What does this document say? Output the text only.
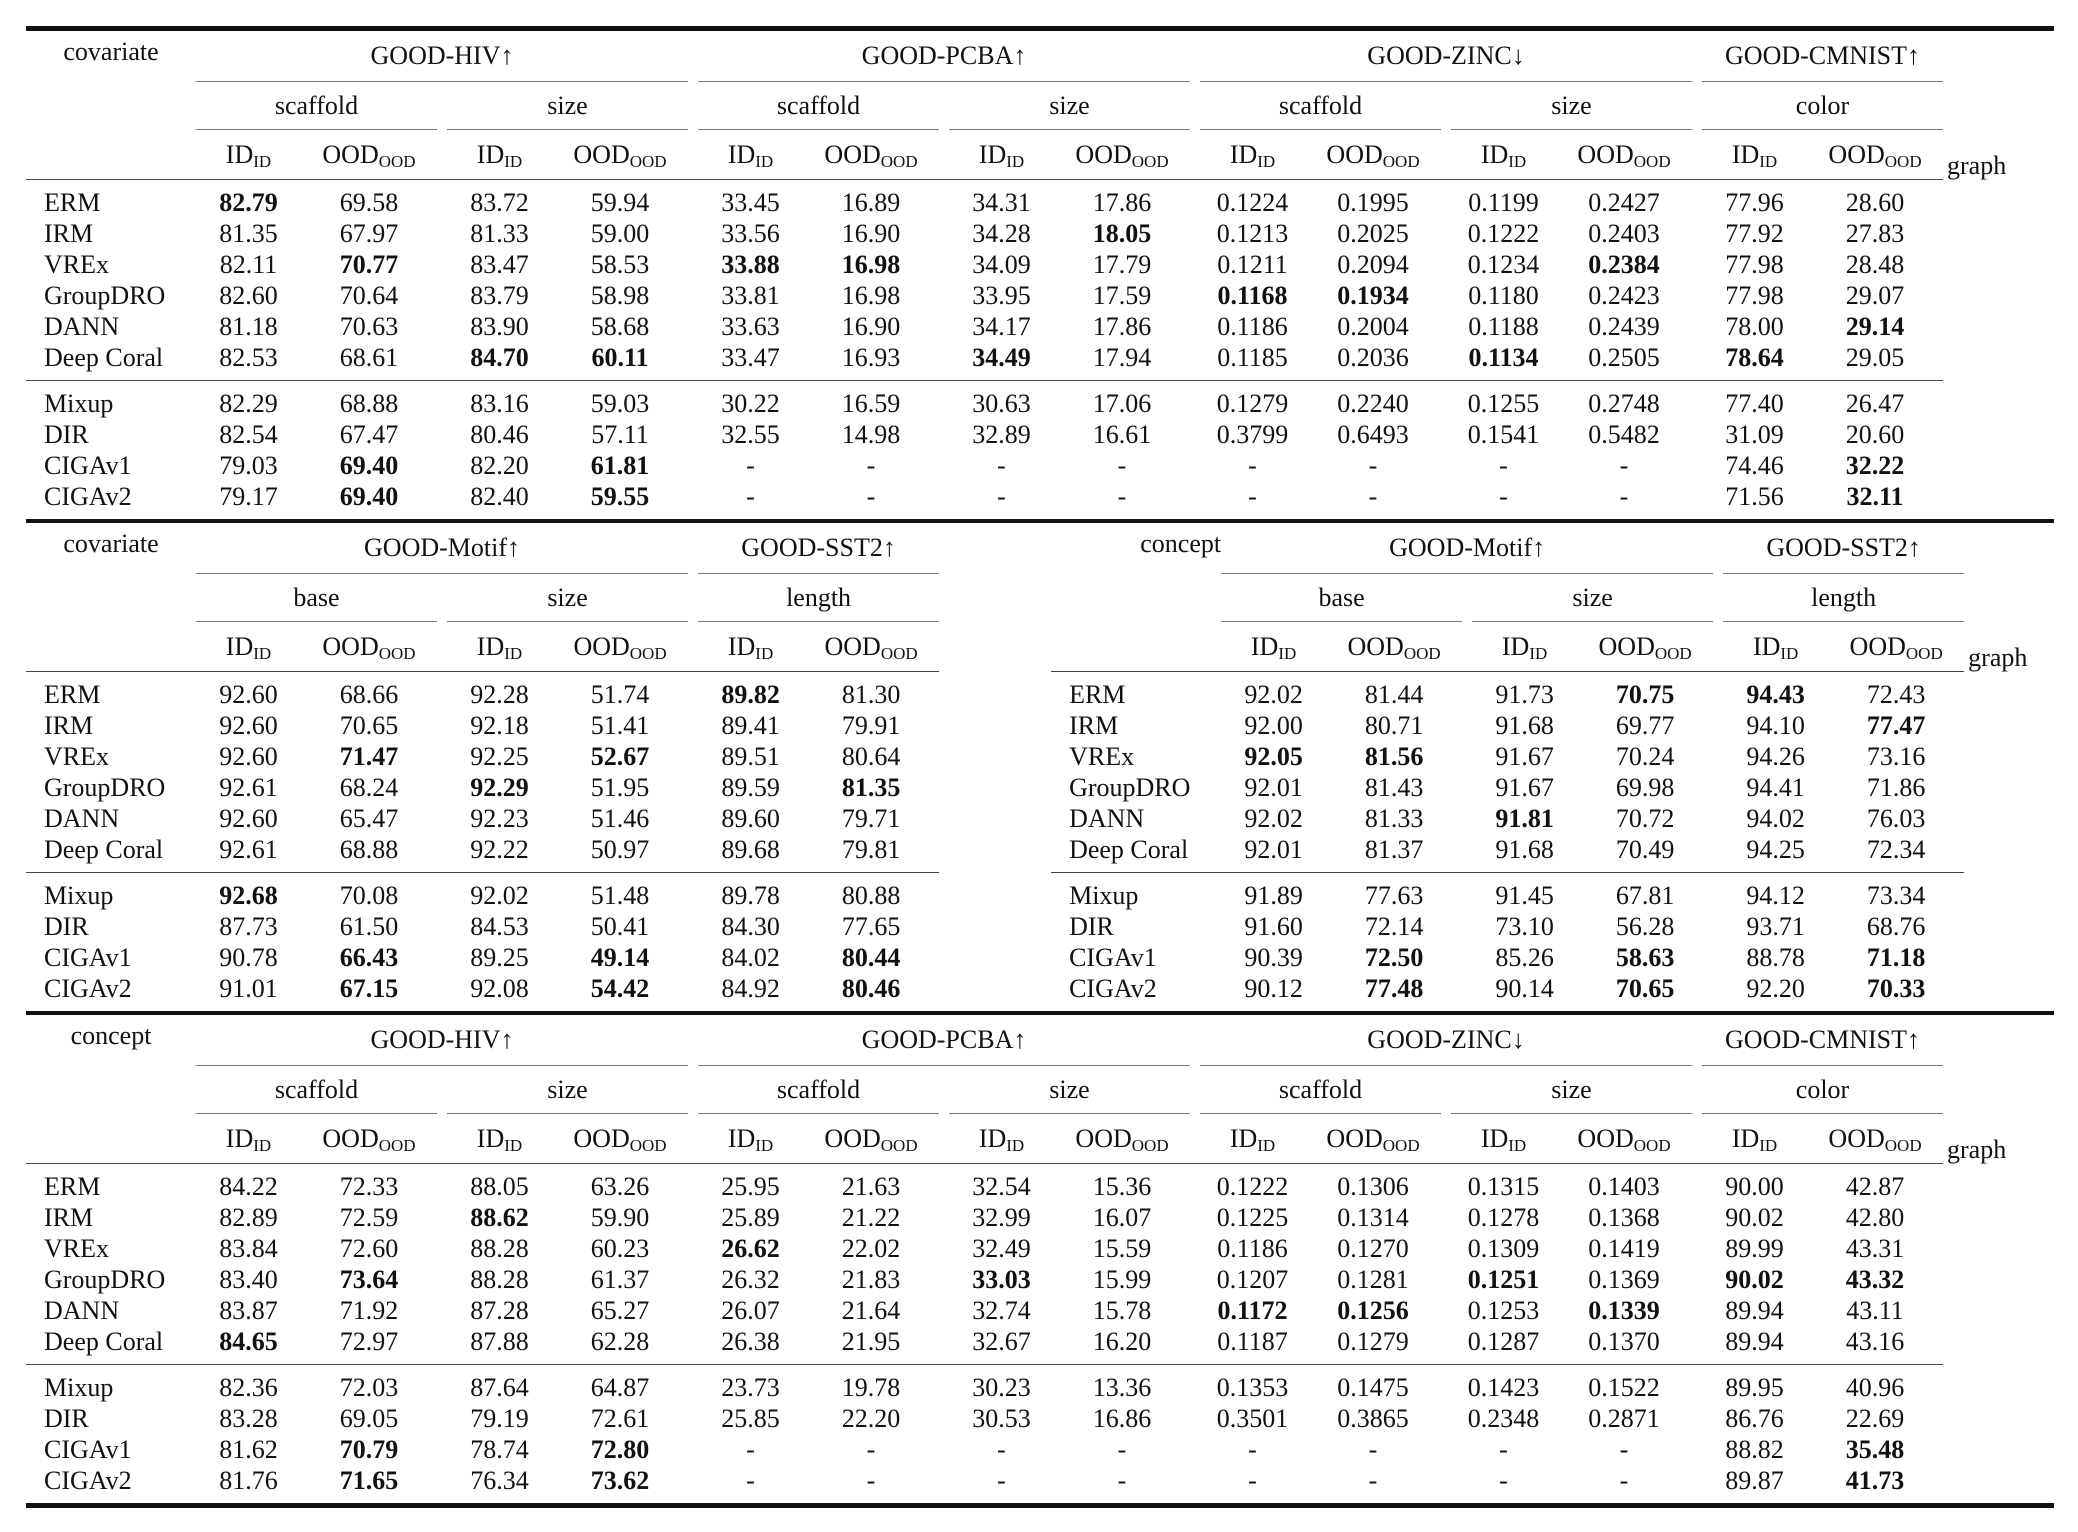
covariate	GOOD-HIV↑						GOOD-PCBA↑						GOOD-ZINC↓						GOOD-CMNIST↑		graph
	scaffold			size			scaffold			size			scaffold			size			color		
	$ID_{ID}$	$OOD_{OOD}$		$ID_{ID}$	$OOD_{OOD}$		$ID_{ID}$	$OOD_{OOD}$		$ID_{ID}$	$OOD_{OOD}$		$ID_{ID}$	$OOD_{OOD}$		$ID_{ID}$	$OOD_{OOD}$		$ID_{ID}$	$OOD_{OOD}$
ERM	82.79	69.58		83.72	59.94		33.45	16.89		34.31	17.86		0.1224	0.1995		0.1199	0.2427		77.96	28.60	
IRM	81.35	67.97		81.33	59.00		33.56	16.90		34.28	18.05		0.1213	0.2025		0.1222	0.2403		77.92	27.83	
VREx	82.11	70.77		83.47	58.53		33.88	16.98		34.09	17.79		0.1211	0.2094		0.1234	0.2384		77.98	28.48	
GroupDRO	82.60	70.64		83.79	58.98		33.81	16.98		33.95	17.59		0.1168	0.1934		0.1180	0.2423		77.98	29.07	
DANN	81.18	70.63		83.90	58.68		33.63	16.90		34.17	17.86		0.1186	0.2004		0.1188	0.2439		78.00	29.14	
Deep Coral	82.53	68.61		84.70	60.11		33.47	16.93		34.49	17.94		0.1185	0.2036		0.1134	0.2505		78.64	29.05	
Mixup	82.29	68.88		83.16	59.03		30.22	16.59		30.63	17.06		0.1279	0.2240		0.1255	0.2748		77.40	26.47	
DIR	82.54	67.47		80.46	57.11		32.55	14.98		32.89	16.61		0.3799	0.6493		0.1541	0.5482		31.09	20.60	
CIGAv1	79.03	69.40		82.20	61.81		-	-		-	-		-	-		-	-		74.46	32.22	
CIGAv2	79.17	69.40		82.40	59.55		-	-		-	-		-	-		-	-		71.56	32.11	
covariate	GOOD-Motif↑						GOOD-SST2↑			concept	GOOD-Motif↑						GOOD-SST2↑		graph
	base			size			length				base			size			length		
	$ID_{ID}$	$OOD_{OOD}$		$ID_{ID}$	$OOD_{OOD}$		$ID_{ID}$	$OOD_{OOD}$			$ID_{ID}$	$OOD_{OOD}$		$ID_{ID}$	$OOD_{OOD}$		$ID_{ID}$	$OOD_{OOD}$
ERM	92.60	68.66		92.28	51.74		89.82	81.30		ERM	92.02	81.44		91.73	70.75		94.43	72.43	
IRM	92.60	70.65		92.18	51.41		89.41	79.91		IRM	92.00	80.71		91.68	69.77		94.10	77.47	
VREx	92.60	71.47		92.25	52.67		89.51	80.64		VREx	92.05	81.56		91.67	70.24		94.26	73.16	
GroupDRO	92.61	68.24		92.29	51.95		89.59	81.35		GroupDRO	92.01	81.43		91.67	69.98		94.41	71.86	
DANN	92.60	65.47		92.23	51.46		89.60	79.71		DANN	92.02	81.33		91.81	70.72		94.02	76.03	
Deep Coral	92.61	68.88		92.22	50.97		89.68	79.81		Deep Coral	92.01	81.37		91.68	70.49		94.25	72.34	
Mixup	92.68	70.08		92.02	51.48		89.78	80.88		Mixup	91.89	77.63		91.45	67.81		94.12	73.34	
DIR	87.73	61.50		84.53	50.41		84.30	77.65		DIR	91.60	72.14		73.10	56.28		93.71	68.76	
CIGAv1	90.78	66.43		89.25	49.14		84.02	80.44		CIGAv1	90.39	72.50		85.26	58.63		88.78	71.18	
CIGAv2	91.01	67.15		92.08	54.42		84.92	80.46		CIGAv2	90.12	77.48		90.14	70.65		92.20	70.33	
concept	GOOD-HIV↑						GOOD-PCBA↑						GOOD-ZINC↓						GOOD-CMNIST↑		graph
	scaffold			size			scaffold			size			scaffold			size			color		
	$ID_{ID}$	$OOD_{OOD}$		$ID_{ID}$	$OOD_{OOD}$		$ID_{ID}$	$OOD_{OOD}$		$ID_{ID}$	$OOD_{OOD}$		$ID_{ID}$	$OOD_{OOD}$		$ID_{ID}$	$OOD_{OOD}$		$ID_{ID}$	$OOD_{OOD}$
ERM	84.22	72.33		88.05	63.26		25.95	21.63		32.54	15.36		0.1222	0.1306		0.1315	0.1403		90.00	42.87	
IRM	82.89	72.59		88.62	59.90		25.89	21.22		32.99	16.07		0.1225	0.1314		0.1278	0.1368		90.02	42.80	
VREx	83.84	72.60		88.28	60.23		26.62	22.02		32.49	15.59		0.1186	0.1270		0.1309	0.1419		89.99	43.31	
GroupDRO	83.40	73.64		88.28	61.37		26.32	21.83		33.03	15.99		0.1207	0.1281		0.1251	0.1369		90.02	43.32	
DANN	83.87	71.92		87.28	65.27		26.07	21.64		32.74	15.78		0.1172	0.1256		0.1253	0.1339		89.94	43.11	
Deep Coral	84.65	72.97		87.88	62.28		26.38	21.95		32.67	16.20		0.1187	0.1279		0.1287	0.1370		89.94	43.16	
Mixup	82.36	72.03		87.64	64.87		23.73	19.78		30.23	13.36		0.1353	0.1475		0.1423	0.1522		89.95	40.96	
DIR	83.28	69.05		79.19	72.61		25.85	22.20		30.53	16.86		0.3501	0.3865		0.2348	0.2871		86.76	22.69	
CIGAv1	81.62	70.79		78.74	72.80		-	-		-	-		-	-		-	-		88.82	35.48	
CIGAv2	81.76	71.65		76.34	73.62		-	-		-	-		-	-		-	-		89.87	41.73	
